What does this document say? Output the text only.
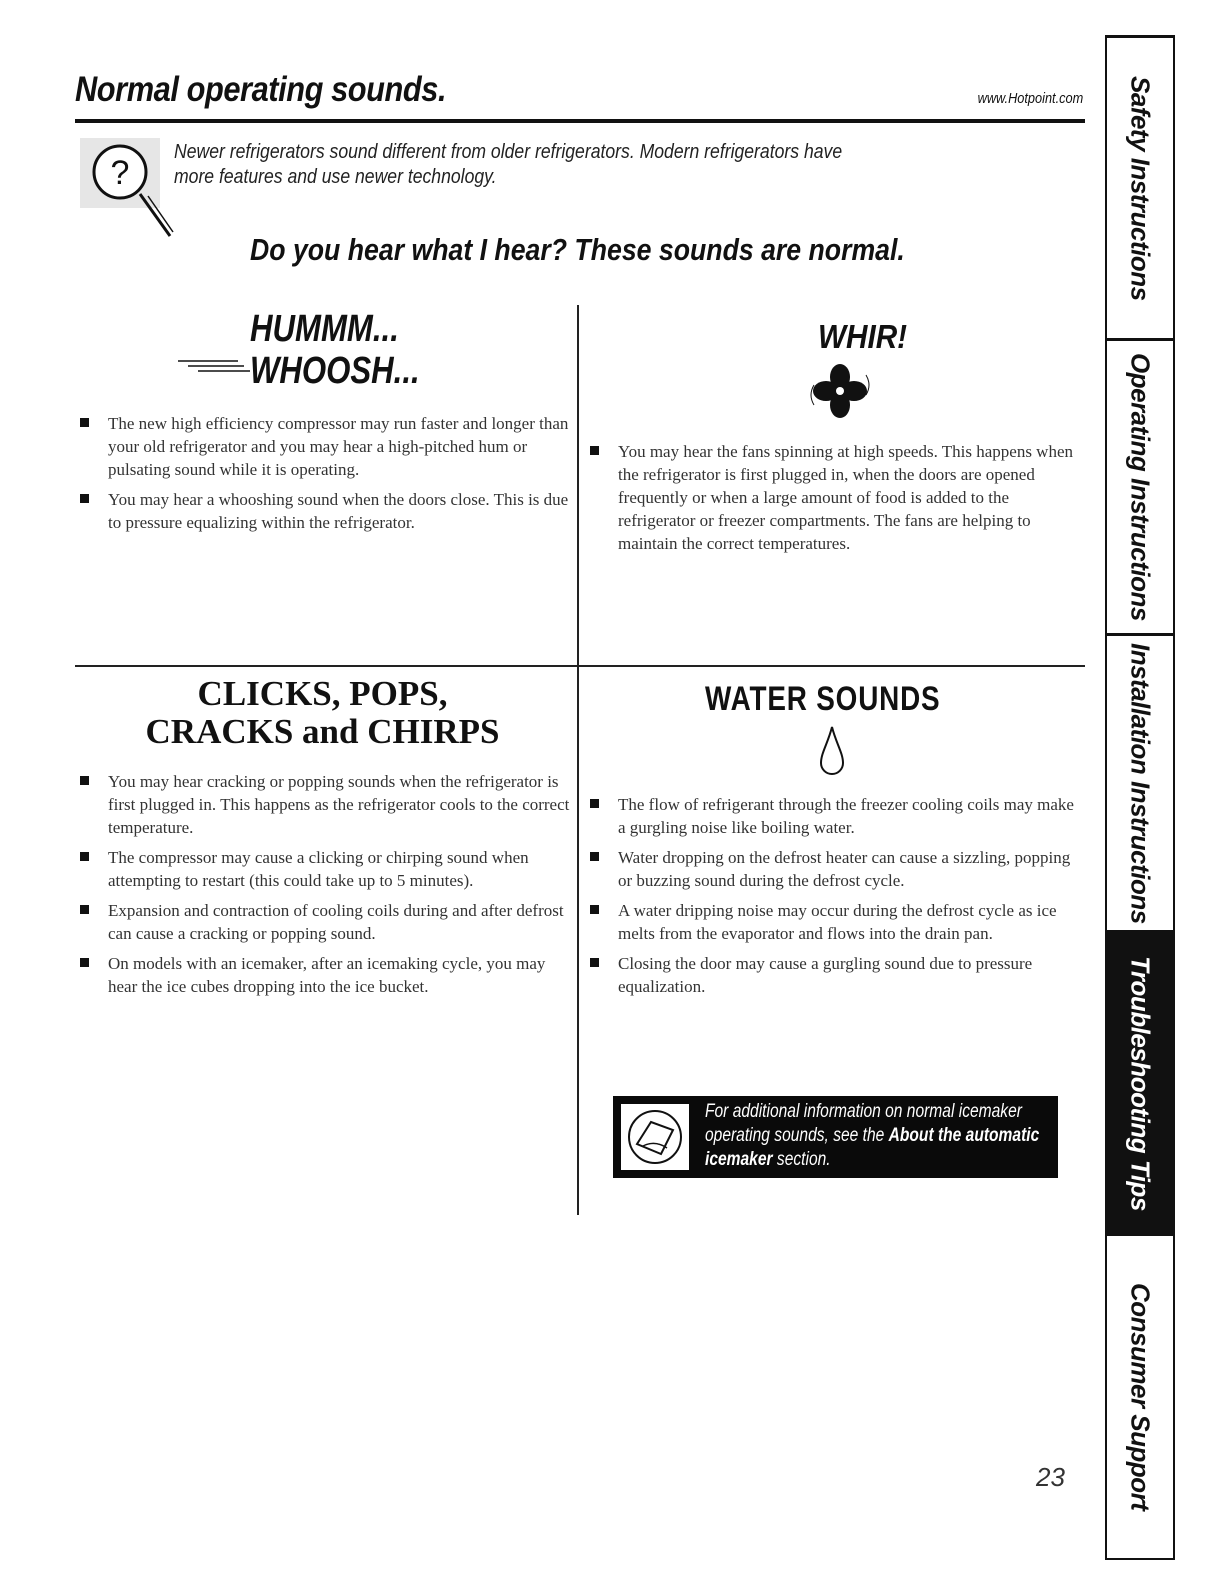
Normal operating sounds.	www.Hotpoint.com
?

Newer refrigerators sound different from older refrigerators. Modern refrigerators have more features and use newer technology.

Do you hear what I hear? These sounds are normal.
HUMMM...
WHOOSH...
The new high efficiency compressor may run faster and longer than your old refrigerator and you may hear a high-pitched hum or pulsating sound while it is operating.
You may hear a whooshing sound when the doors close. This is due to pressure equalizing within the refrigerator.
WHIR!
You may hear the fans spinning at high speeds. This happens when the refrigerator is first plugged in, when the doors are opened frequently or when a large amount of food is added to the refrigerator or freezer compartments. The fans are helping to maintain the correct temperatures.
CLICKS, POPS,
CRACKS and CHIRPS
You may hear cracking or popping sounds when the refrigerator is first plugged in. This happens as the refrigerator cools to the correct temperature.
The compressor may cause a clicking or chirping sound when attempting to restart (this could take up to 5 minutes).
Expansion and contraction of cooling coils during and after defrost can cause a cracking or popping sound.
On models with an icemaker, after an icemaking cycle, you may hear the ice cubes dropping into the ice bucket.
WATER SOUNDS
The flow of refrigerant through the freezer cooling coils may make a gurgling noise like boiling water.
Water dropping on the defrost heater can cause a sizzling, popping or buzzing sound during the defrost cycle.
A water dripping noise may occur during the defrost cycle as ice melts from the evaporator and flows into the drain pan.
Closing the door may cause a gurgling sound due to pressure equalization.

For additional information on normal icemaker operating sounds, see the About the automatic icemaker section.

Safety Instructions
Operating Instructions
Installation Instructions
Troubleshooting Tips
Consumer Support
23
